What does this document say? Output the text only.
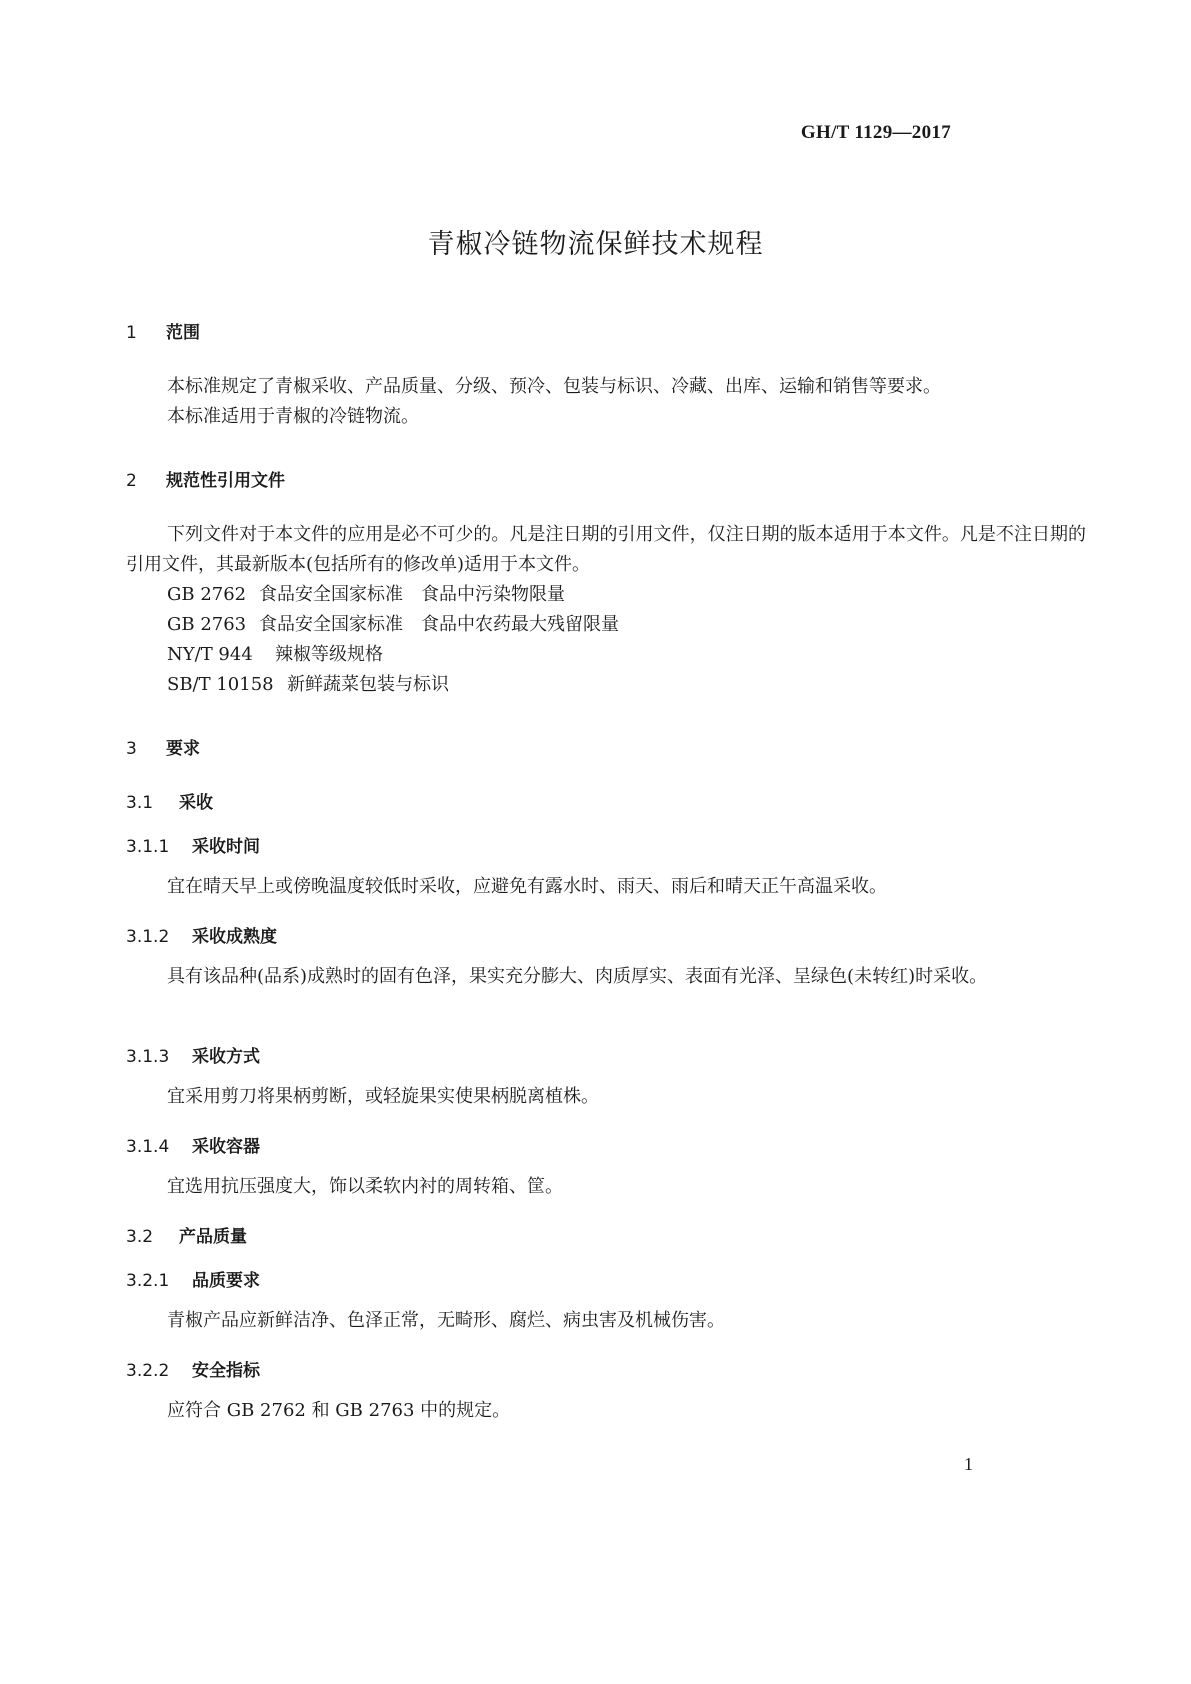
GH/T 1129—2017
青椒冷链物流保鲜技术规程
1 范围
本标准规定了青椒采收、产品质量、分级、预冷、包装与标识、冷藏、出库、运输和销售等要求。
本标准适用于青椒的冷链物流。
2 规范性引用文件
下列文件对于本文件的应用是必不可少的。凡是注日期的引用文件，仅注日期的版本适用于本文件。凡是不注日期的引用文件，其最新版本(包括所有的修改单)适用于本文件。
GB 2762 食品安全国家标准　食品中污染物限量
GB 2763 食品安全国家标准　食品中农药最大残留限量
NY/T 944 辣椒等级规格
SB/T 10158 新鲜蔬菜包装与标识
3 要求
3.1 采收
3.1.1 采收时间
宜在晴天早上或傍晚温度较低时采收，应避免有露水时、雨天、雨后和晴天正午高温采收。
3.1.2 采收成熟度
具有该品种(品系)成熟时的固有色泽，果实充分膨大、肉质厚实、表面有光泽、呈绿色(未转红)时采收。
3.1.3 采收方式
宜采用剪刀将果柄剪断，或轻旋果实使果柄脱离植株。
3.1.4 采收容器
宜选用抗压强度大，饰以柔软内衬的周转箱、筐。
3.2 产品质量
3.2.1 品质要求
青椒产品应新鲜洁净、色泽正常，无畸形、腐烂、病虫害及机械伤害。
3.2.2 安全指标
应符合 GB 2762 和 GB 2763 中的规定。
1
